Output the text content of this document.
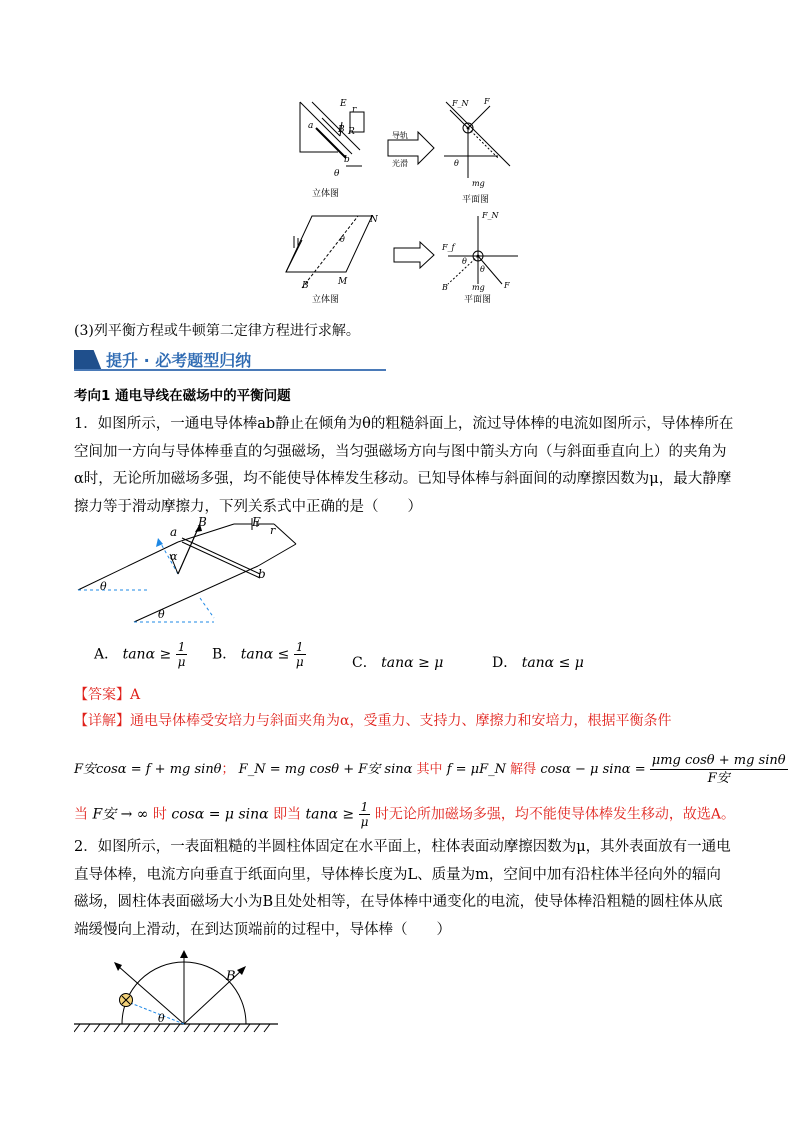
E
r
R
B
a
b
θ
立体图
导轨
光滑
F_N F
θ
mg
平面图
N
θ
B	M
立体图
F_N
F_f
θ
θ
B	mg F
平面图
(3)列平衡方程或牛顿第二定律方程进行求解。
提升 · 必考题型归纳
考向1 通电导线在磁场中的平衡问题
1．如图所示，一通电导体棒ab静止在倾角为θ的粗糙斜面上，流过导体棒的电流如图所示，导体棒所在空间加一方向与导体棒垂直的匀强磁场，当匀强磁场方向与图中箭头方向（与斜面垂直向上）的夹角为α时，无论所加磁场多强，均不能使导体棒发生移动。已知导体棒与斜面间的动摩擦因数为μ，最大静摩擦力等于滑动摩擦力，下列关系式中正确的是（　　）
a
B	E
r
α
b
θ
θ
A． $\tan\alpha \ge \frac{1}{\mu}$ B． $\tan\alpha \le \frac{1}{\mu}$	C． tanα ≥ μ	D． tanα ≤ μ
【答案】A
【详解】通电导体棒受安培力与斜面夹角为α，受重力、支持力、摩擦力和安培力，根据平衡条件
F安cosα = f + mg sinθ； F_N = mg cosθ + F安 sinα 其中 f = μF_N 解得 cosα − μ $\sin\alpha = \frac{\text{μmg cosθ + mg sinθ}}{\text{F安}}$
当 F安 → ∞ 时 cosα = μ sinα 即当 $\tan\alpha \ge \frac{1}{\mu}$ 时无论所加磁场多强，均不能使导体棒发生移动，故选A。
2．如图所示，一表面粗糙的半圆柱体固定在水平面上，柱体表面动摩擦因数为μ，其外表面放有一通电直导体棒，电流方向垂直于纸面向里，导体棒长度为L、质量为m，空间中加有沿柱体半径向外的辐向磁场，圆柱体表面磁场大小为B且处处相等，在导体棒中通变化的电流，使导体棒沿粗糙的圆柱体从底端缓慢向上滑动，在到达顶端前的过程中，导体棒（　　）
B
θ
